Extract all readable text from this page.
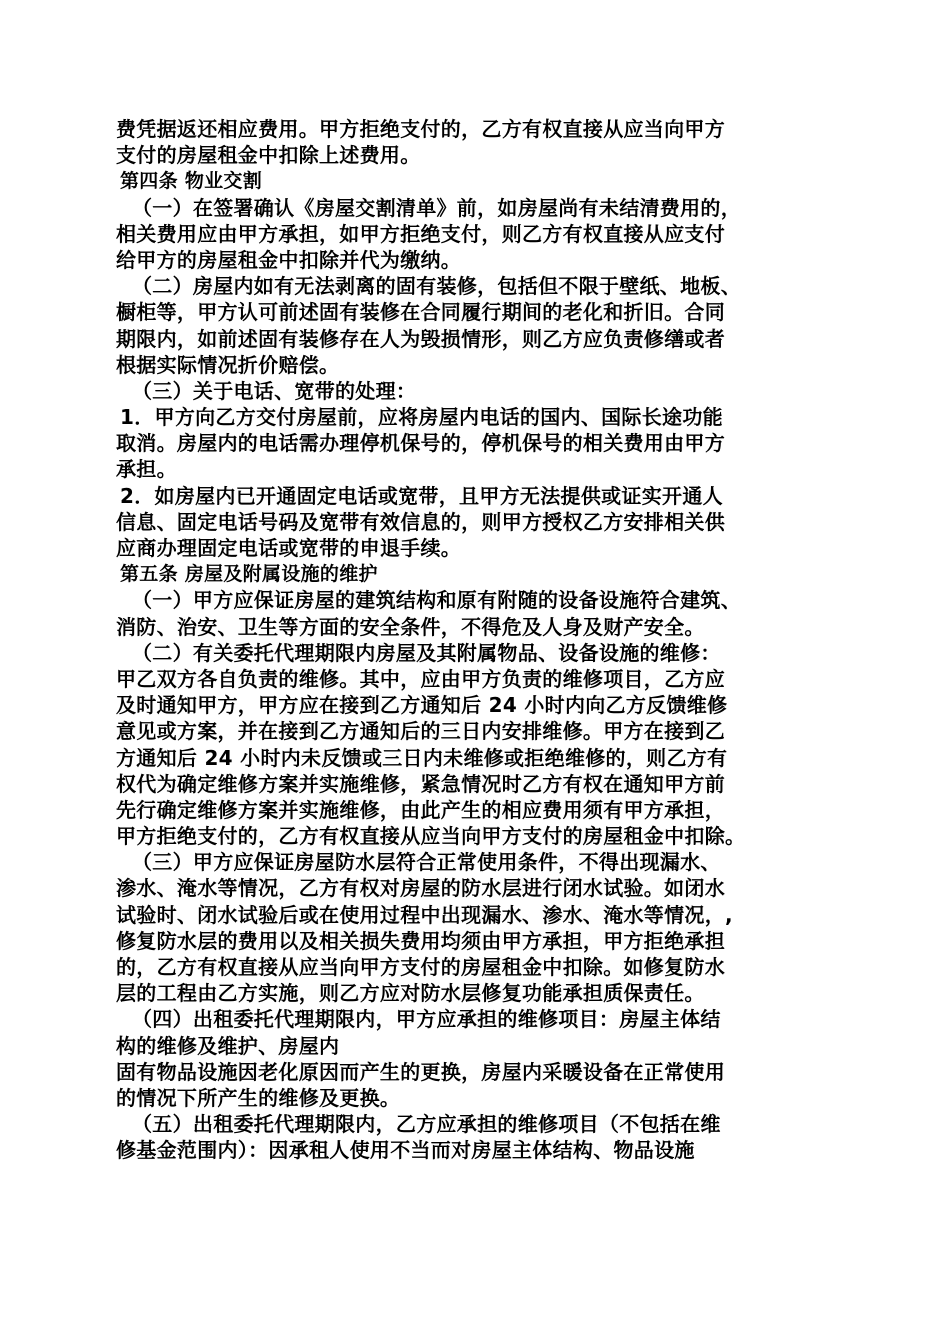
费凭据返还相应费用。甲方拒绝支付的，乙方有权直接从应当向甲方
支付的房屋租金中扣除上述费用。
第四条 物业交割
（一）在签署确认《房屋交割清单》前，如房屋尚有未结清费用的，
相关费用应由甲方承担，如甲方拒绝支付，则乙方有权直接从应支付
给甲方的房屋租金中扣除并代为缴纳。
（二）房屋内如有无法剥离的固有装修，包括但不限于壁纸、地板、
橱柜等，甲方认可前述固有装修在合同履行期间的老化和折旧。合同
期限内，如前述固有装修存在人为毁损情形，则乙方应负责修缮或者
根据实际情况折价赔偿。
（三）关于电话、宽带的处理：
1．甲方向乙方交付房屋前，应将房屋内电话的国内、国际长途功能
取消。房屋内的电话需办理停机保号的，停机保号的相关费用由甲方
承担。
2．如房屋内已开通固定电话或宽带，且甲方无法提供或证实开通人
信息、固定电话号码及宽带有效信息的，则甲方授权乙方安排相关供
应商办理固定电话或宽带的申退手续。
第五条 房屋及附属设施的维护
（一）甲方应保证房屋的建筑结构和原有附随的设备设施符合建筑、
消防、治安、卫生等方面的安全条件，不得危及人身及财产安全。
（二）有关委托代理期限内房屋及其附属物品、设备设施的维修：
甲乙双方各自负责的维修。其中，应由甲方负责的维修项目，乙方应
及时通知甲方，甲方应在接到乙方通知后 24 小时内向乙方反馈维修
意见或方案，并在接到乙方通知后的三日内安排维修。甲方在接到乙
方通知后 24 小时内未反馈或三日内未维修或拒绝维修的，则乙方有
权代为确定维修方案并实施维修，紧急情况时乙方有权在通知甲方前
先行确定维修方案并实施维修，由此产生的相应费用须有甲方承担，
甲方拒绝支付的，乙方有权直接从应当向甲方支付的房屋租金中扣除。
（三）甲方应保证房屋防水层符合正常使用条件，不得出现漏水、
渗水、淹水等情况，乙方有权对房屋的防水层进行闭水试验。如闭水
试验时、闭水试验后或在使用过程中出现漏水、渗水、淹水等情况，,
修复防水层的费用以及相关损失费用均须由甲方承担，甲方拒绝承担
的，乙方有权直接从应当向甲方支付的房屋租金中扣除。如修复防水
层的工程由乙方实施，则乙方应对防水层修复功能承担质保责任。
（四）出租委托代理期限内，甲方应承担的维修项目：房屋主体结
构的维修及维护、房屋内
固有物品设施因老化原因而产生的更换，房屋内采暖设备在正常使用
的情况下所产生的维修及更换。
（五）出租委托代理期限内，乙方应承担的维修项目（不包括在维
修基金范围内）：因承租人使用不当而对房屋主体结构、物品设施
